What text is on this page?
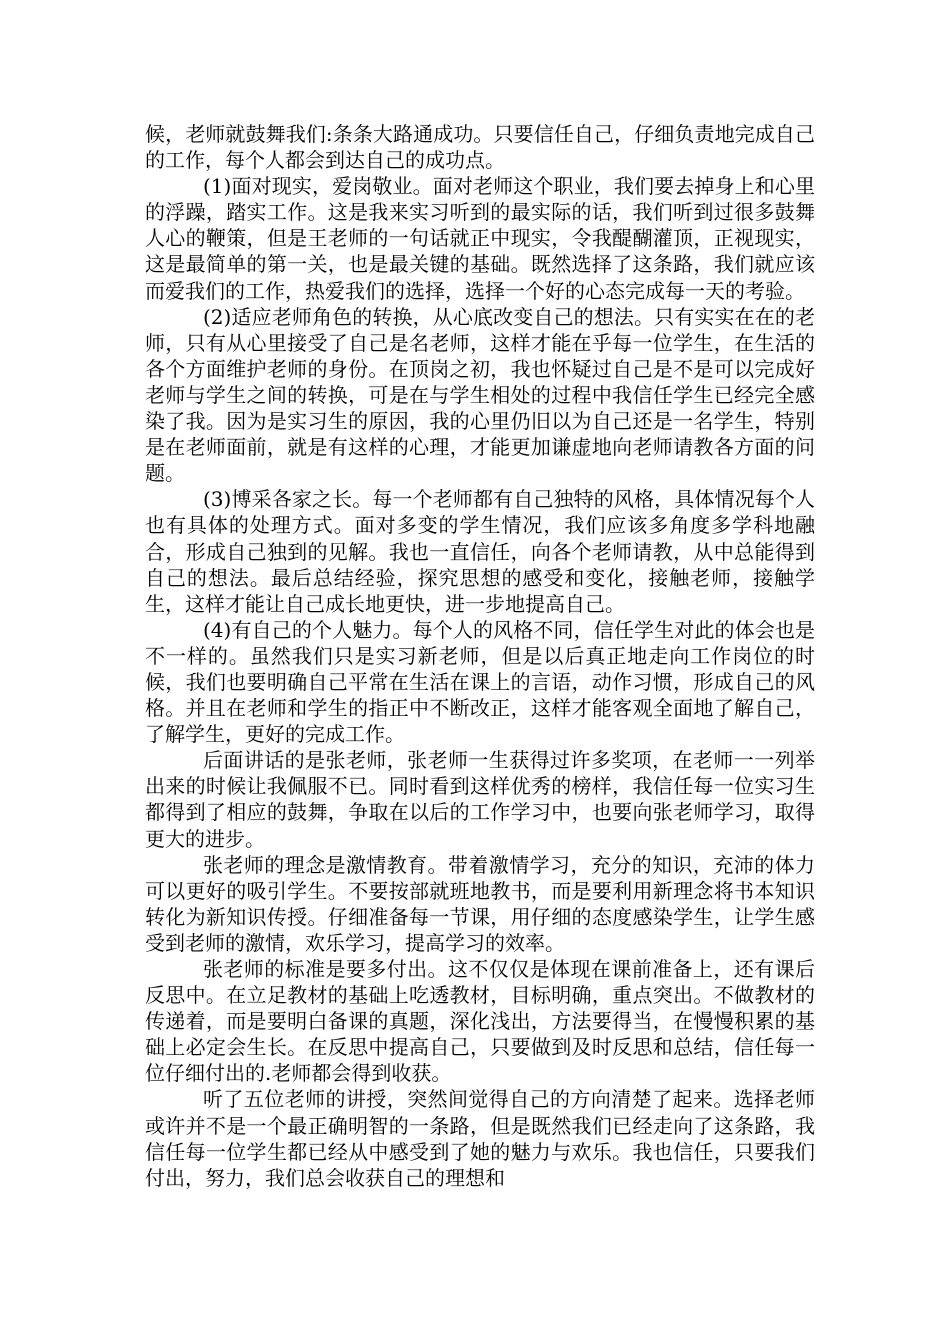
候，老师就鼓舞我们:条条大路通成功。只要信任自己，仔细负责地完成自己的工作，每个人都会到达自己的成功点。

(1)面对现实，爱岗敬业。面对老师这个职业，我们要去掉身上和心里的浮躁，踏实工作。这是我来实习听到的最实际的话，我们听到过很多鼓舞人心的鞭策，但是王老师的一句话就正中现实，令我醍醐灌顶，正视现实，这是最简单的第一关，也是最关键的基础。既然选择了这条路，我们就应该而爱我们的工作，热爱我们的选择，选择一个好的心态完成每一天的考验。

(2)适应老师角色的转换，从心底改变自己的想法。只有实实在在的老师，只有从心里接受了自己是名老师，这样才能在乎每一位学生，在生活的各个方面维护老师的身份。在顶岗之初，我也怀疑过自己是不是可以完成好老师与学生之间的转换，可是在与学生相处的过程中我信任学生已经完全感染了我。因为是实习生的原因，我的心里仍旧以为自己还是一名学生，特别是在老师面前，就是有这样的心理，才能更加谦虚地向老师请教各方面的问题。

(3)博采各家之长。每一个老师都有自己独特的风格，具体情况每个人也有具体的处理方式。面对多变的学生情况，我们应该多角度多学科地融合，形成自己独到的见解。我也一直信任，向各个老师请教，从中总能得到自己的想法。最后总结经验，探究思想的感受和变化，接触老师，接触学生，这样才能让自己成长地更快，进一步地提高自己。

(4)有自己的个人魅力。每个人的风格不同，信任学生对此的体会也是不一样的。虽然我们只是实习新老师，但是以后真正地走向工作岗位的时候，我们也要明确自己平常在生活在课上的言语，动作习惯，形成自己的风格。并且在老师和学生的指正中不断改正，这样才能客观全面地了解自己，了解学生，更好的完成工作。

后面讲话的是张老师，张老师一生获得过许多奖项，在老师一一列举出来的时候让我佩服不已。同时看到这样优秀的榜样，我信任每一位实习生都得到了相应的鼓舞，争取在以后的工作学习中，也要向张老师学习，取得更大的进步。

张老师的理念是激情教育。带着激情学习，充分的知识，充沛的体力可以更好的吸引学生。不要按部就班地教书，而是要利用新理念将书本知识转化为新知识传授。仔细准备每一节课，用仔细的态度感染学生，让学生感受到老师的激情，欢乐学习，提高学习的效率。

张老师的标准是要多付出。这不仅仅是体现在课前准备上，还有课后反思中。在立足教材的基础上吃透教材，目标明确，重点突出。不做教材的传递着，而是要明白备课的真题，深化浅出，方法要得当，在慢慢积累的基础上必定会生长。在反思中提高自己，只要做到及时反思和总结，信任每一位仔细付出的.老师都会得到收获。

听了五位老师的讲授，突然间觉得自己的方向清楚了起来。选择老师或许并不是一个最正确明智的一条路，但是既然我们已经走向了这条路，我信任每一位学生都已经从中感受到了她的魅力与欢乐。我也信任，只要我们付出，努力，我们总会收获自己的理想和
